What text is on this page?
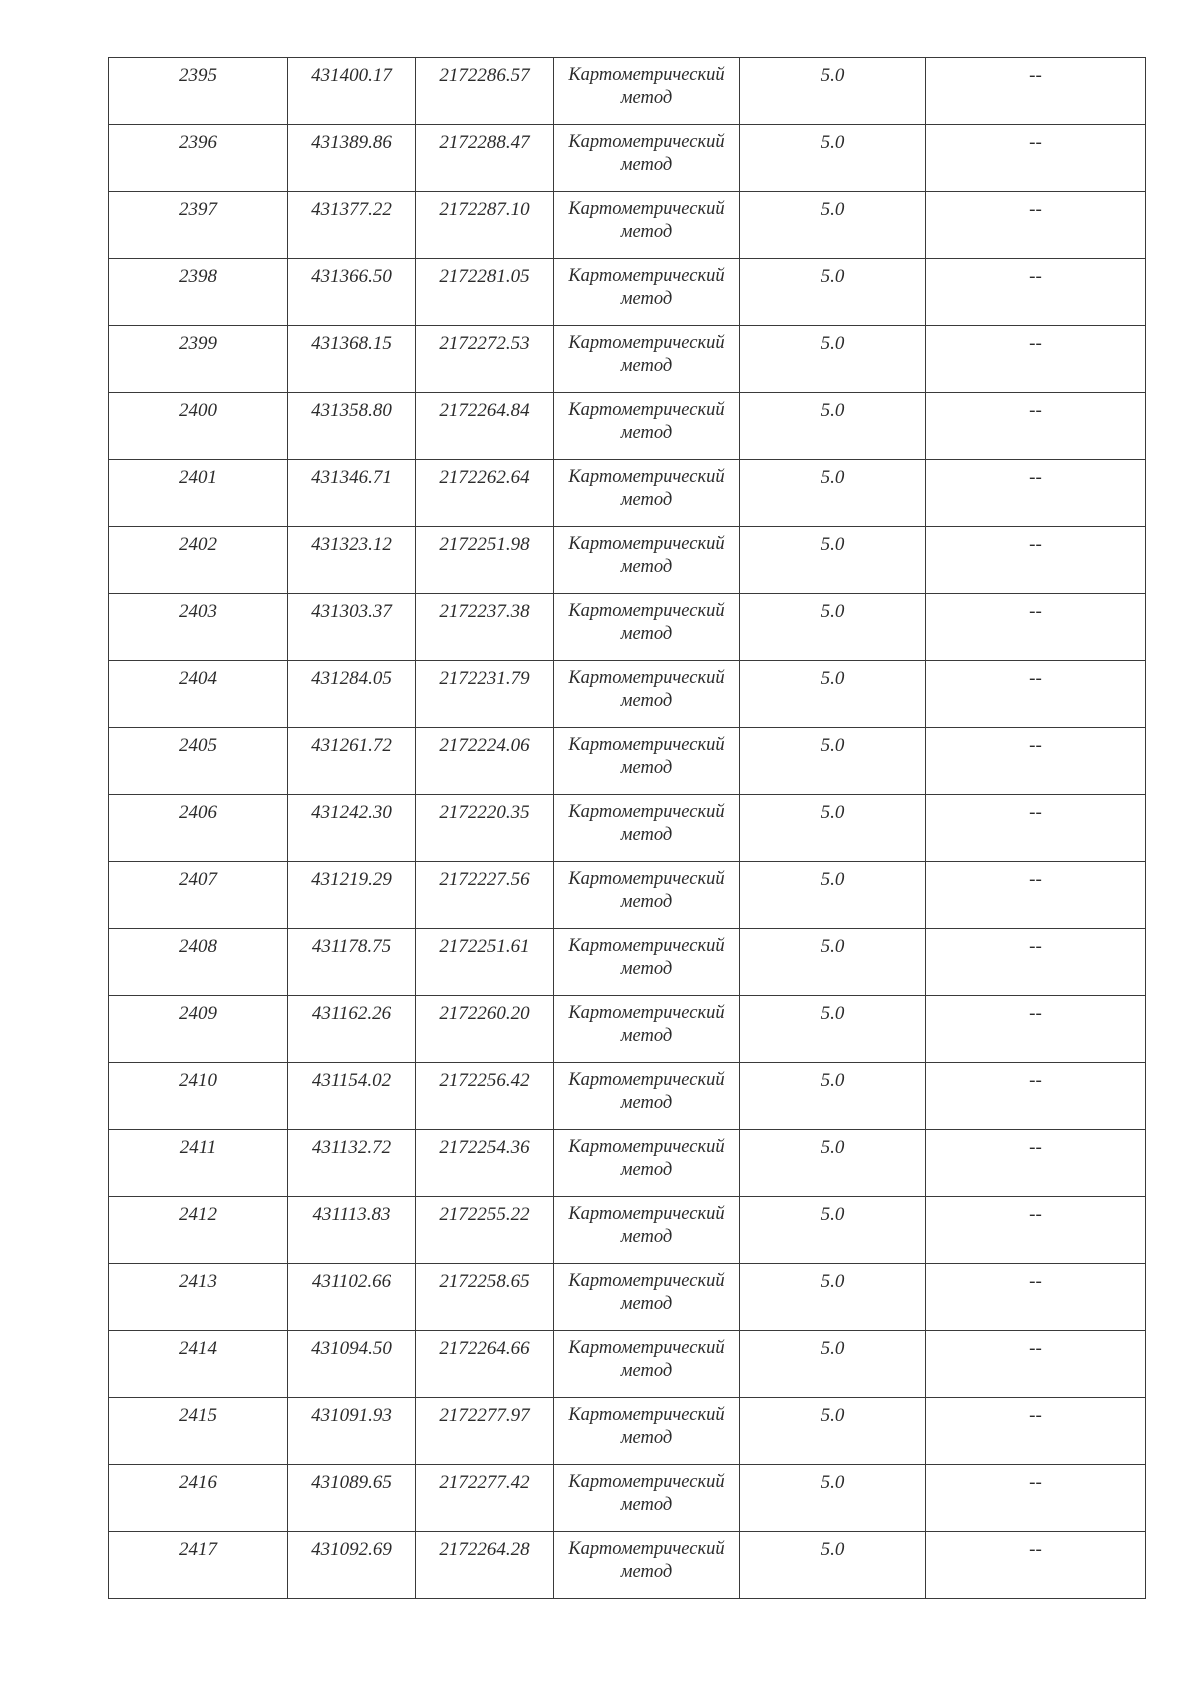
2395	431400.17	2172286.57	Картометрический
метод	5.0	--

2396	431389.86	2172288.47	Картометрический
метод	5.0	--

2397	431377.22	2172287.10	Картометрический
метод	5.0	--

2398	431366.50	2172281.05	Картометрический
метод	5.0	--

2399	431368.15	2172272.53	Картометрический
метод	5.0	--

2400	431358.80	2172264.84	Картометрический
метод	5.0	--

2401	431346.71	2172262.64	Картометрический
метод	5.0	--

2402	431323.12	2172251.98	Картометрический
метод	5.0	--

2403	431303.37	2172237.38	Картометрический
метод	5.0	--

2404	431284.05	2172231.79	Картометрический
метод	5.0	--

2405	431261.72	2172224.06	Картометрический
метод	5.0	--

2406	431242.30	2172220.35	Картометрический
метод	5.0	--

2407	431219.29	2172227.56	Картометрический
метод	5.0	--

2408	431178.75	2172251.61	Картометрический
метод	5.0	--

2409	431162.26	2172260.20	Картометрический
метод	5.0	--

2410	431154.02	2172256.42	Картометрический
метод	5.0	--

2411	431132.72	2172254.36	Картометрический
метод	5.0	--

2412	431113.83	2172255.22	Картометрический
метод	5.0	--

2413	431102.66	2172258.65	Картометрический
метод	5.0	--

2414	431094.50	2172264.66	Картометрический
метод	5.0	--

2415	431091.93	2172277.97	Картометрический
метод	5.0	--

2416	431089.65	2172277.42	Картометрический
метод	5.0	--

2417	431092.69	2172264.28	Картометрический
метод	5.0	--
